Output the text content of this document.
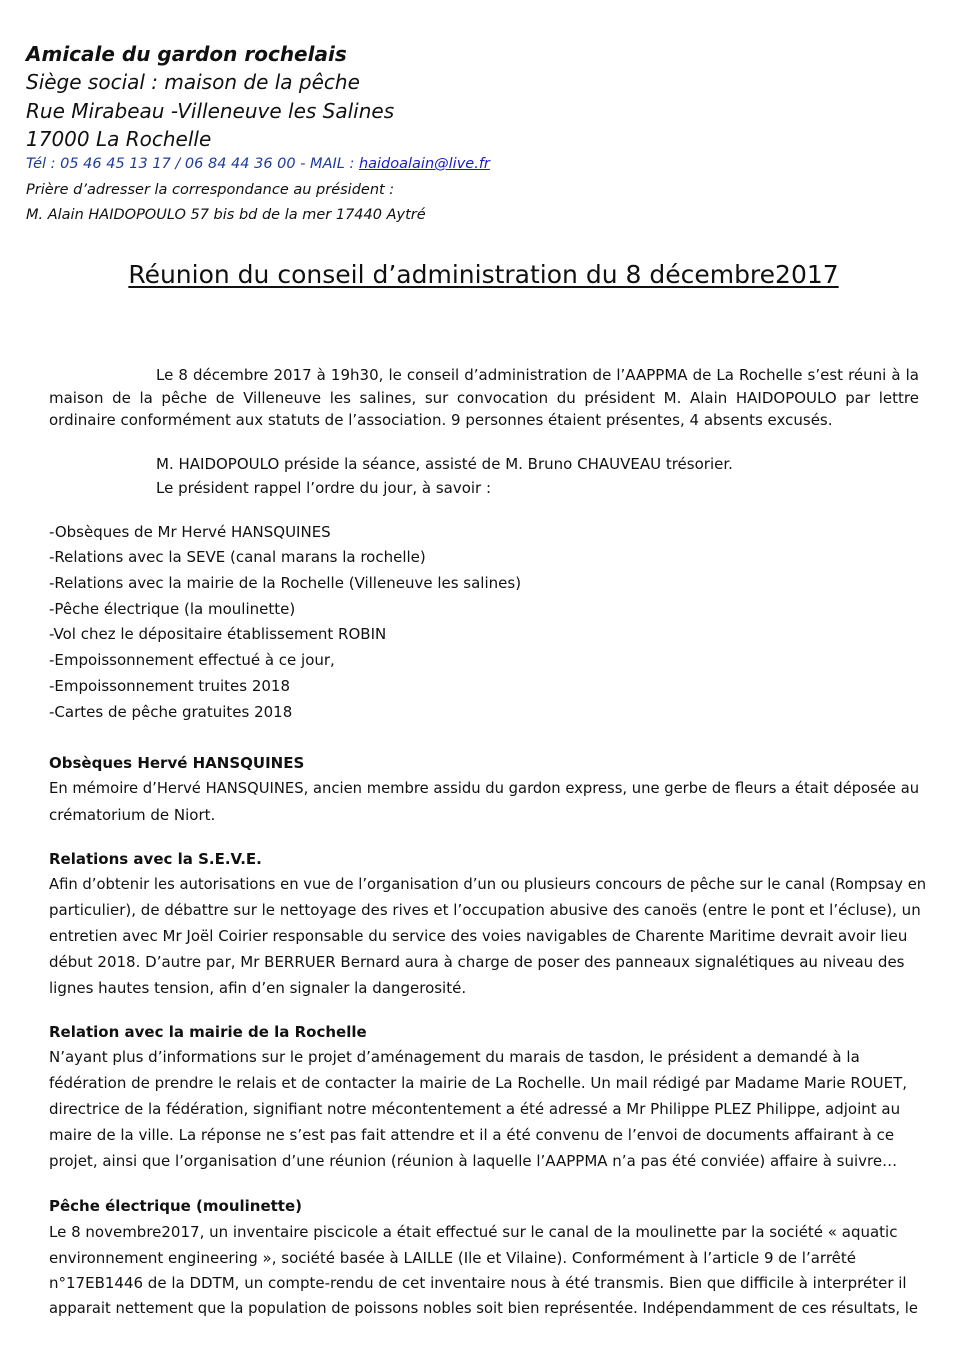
Amicale du gardon rochelais
Siège social : maison de la pêche
Rue Mirabeau -Villeneuve les Salines
17000 La Rochelle
Tél : 05 46 45 13 17 / 06 84 44 36 00 - MAIL : haidoalain@live.fr
Prière d’adresser la correspondance au président :
M. Alain HAIDOPOULO 57 bis bd de la mer 17440 Aytré
Réunion du conseil d’administration du 8 décembre2017
Le 8 décembre 2017 à 19h30, le conseil d’administration de l’AAPPMA de La Rochelle s’est réuni à la maison de la pêche de Villeneuve les salines, sur convocation du président M. Alain HAIDOPOULO par lettre ordinaire conformément aux statuts de l’association. 9 personnes étaient présentes, 4 absents excusés.
M. HAIDOPOULO préside la séance, assisté de M. Bruno CHAUVEAU trésorier.
Le président rappel l’ordre du jour, à savoir :
-Obsèques de Mr Hervé HANSQUINES
-Relations avec la SEVE (canal marans la rochelle)
-Relations avec la mairie de la Rochelle (Villeneuve les salines)
-Pêche électrique (la moulinette)
-Vol chez le dépositaire établissement ROBIN
-Empoissonnement effectué à ce jour,
-Empoissonnement truites 2018
-Cartes de pêche gratuites 2018
Obsèques Hervé HANSQUINES
En mémoire d’Hervé HANSQUINES, ancien membre assidu du gardon express, une gerbe de fleurs a était déposée au
crématorium de Niort.
Relations avec la S.E.V.E.
Afin d’obtenir les autorisations en vue de l’organisation d’un ou plusieurs concours de pêche sur le canal (Rompsay en
particulier), de débattre sur le nettoyage des rives et l’occupation abusive des canoës (entre le pont et l’écluse), un
entretien avec Mr Joël Coirier responsable du service des voies navigables de Charente Maritime devrait avoir lieu
début 2018. D’autre par, Mr BERRUER Bernard aura à charge de poser des panneaux signalétiques au niveau des
lignes hautes tension, afin d’en signaler la dangerosité.
Relation avec la mairie de la Rochelle
N’ayant plus d’informations sur le projet d’aménagement du marais de tasdon, le président a demandé à la
fédération de prendre le relais et de contacter la mairie de La Rochelle. Un mail rédigé par Madame Marie ROUET,
directrice de la fédération, signifiant notre mécontentement a été adressé a Mr Philippe PLEZ Philippe, adjoint au
maire de la ville. La réponse ne s’est pas fait attendre et il a été convenu de l’envoi de documents affairant à ce
projet, ainsi que l’organisation d’une réunion (réunion à laquelle l’AAPPMA n’a pas été conviée) affaire à suivre…
Pêche électrique (moulinette)
Le 8 novembre2017, un inventaire piscicole a était effectué sur le canal de la moulinette par la société « aquatic
environnement engineering », société basée à LAILLE (Ile et Vilaine). Conformément à l’article 9 de l’arrêté
n°17EB1446 de la DDTM, un compte-rendu de cet inventaire nous à été transmis. Bien que difficile à interpréter il
apparait nettement que la population de poissons nobles soit bien représentée. Indépendamment de ces résultats, le
